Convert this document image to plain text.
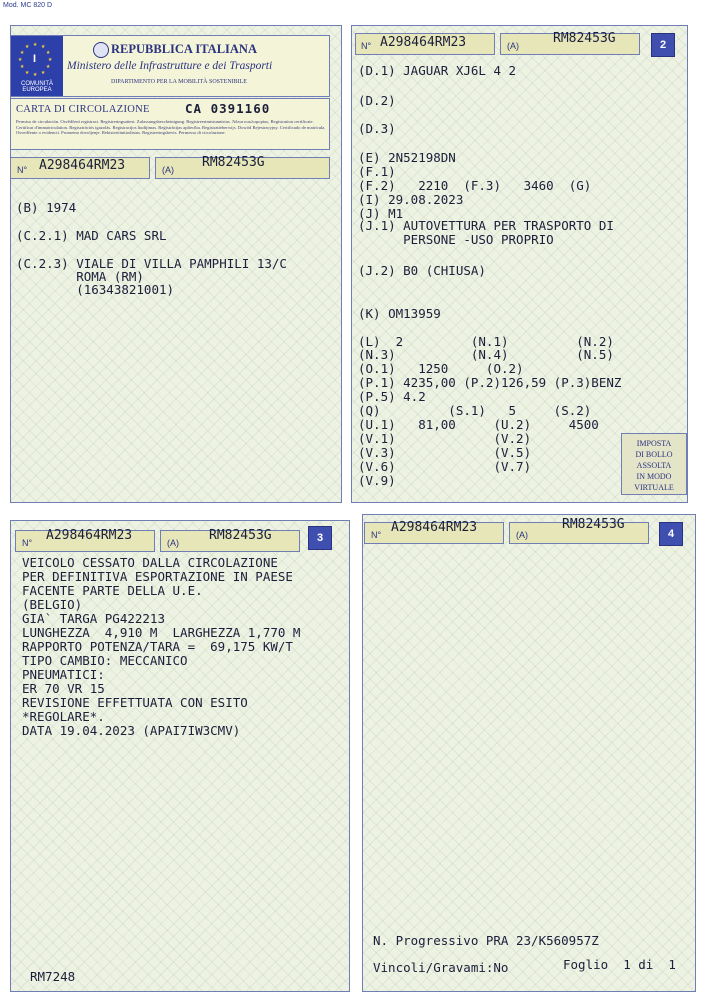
Mod. MC 820 D
★ ★
★
★
★
★
★
★
★
★
★
★
I
COMUNITÀ EUROPEA
REPUBBLICA ITALIANA
Ministero delle Infrastrutture e dei Trasporti
DIPARTIMENTO PER LA MOBILITÀ SOSTENIBILE
CARTA DI CIRCOLAZIONE	CA 0391160
Permiso de circulación. Osvědčení registraci. Registreringsattest. Zulassungsbescheinigung. Registreerimistunnistus. Άδεια κυκλοφορίας. Registration certificate. Certificat d'immatriculation. Regisztrációs igazolás. Registracijos liudijimas. Reģistrācijas apliecība. Registratieberwijs. Dowód Rejestracyjny. Certificado de matrícula. Osvedčenie o evidencii. Prometno dovoljenje. Rekisteröintitodistus. Registreringsbevis. Permesso di circolazione.
N° A298464RM23	(A) RM82453G
(B) 1974
(C.2.1) MAD CARS SRL
(C.2.3) VIALE DI VILLA PAMPHILI 13/C
ROMA (RM)
(16343821001)
2
N° A298464RM23	(A)	RM82453G
(D.1) JAGUAR XJ6L 4 2
(D.2)
(D.3)
(E) 2N52198DN
(F.1)
(F.2)   2210  (F.3)   3460  (G)
(I) 29.08.2023
(J) M1
(J.1) AUTOVETTURA PER TRASPORTO DI
PERSONE -USO PROPRIO
(J.2) B0 (CHIUSA)
(K) OM13959
(L)  2         (N.1)         (N.2)
(N.3)          (N.4)         (N.5)
(O.1)   1250     (O.2)
(P.1) 4235,00 (P.2)126,59 (P.3)BENZ
(P.5) 4.2
(Q)         (S.1)   5     (S.2)
(U.1)   81,00     (U.2)     4500
(V.1)             (V.2)
(V.3)             (V.5)
(V.6)             (V.7)
(V.9)
IMPOSTA
DI BOLLO
ASSOLTA
IN MODO
VIRTUALE
3
N° A298464RM23	(A) RM82453G
VEICOLO CESSATO DALLA CIRCOLAZIONE
PER DEFINITIVA ESPORTAZIONE IN PAESE
FACENTE PARTE DELLA U.E.
(BELGIO)
GIA` TARGA PG422213
LUNGHEZZA  4,910 M  LARGHEZZA 1,770 M
RAPPORTO POTENZA/TARA =  69,175 KW/T
TIPO CAMBIO: MECCANICO
PNEUMATICI:
ER 70 VR 15
REVISIONE EFFETTUATA CON ESITO
*REGOLARE*.
DATA 19.04.2023 (APAI7IW3CMV)
RM7248
4
N° A298464RM23	(A)
RM82453G
N. Progressivo PRA 23/K560957Z
Vincoli/Gravami:No	Foglio  1 di  1
